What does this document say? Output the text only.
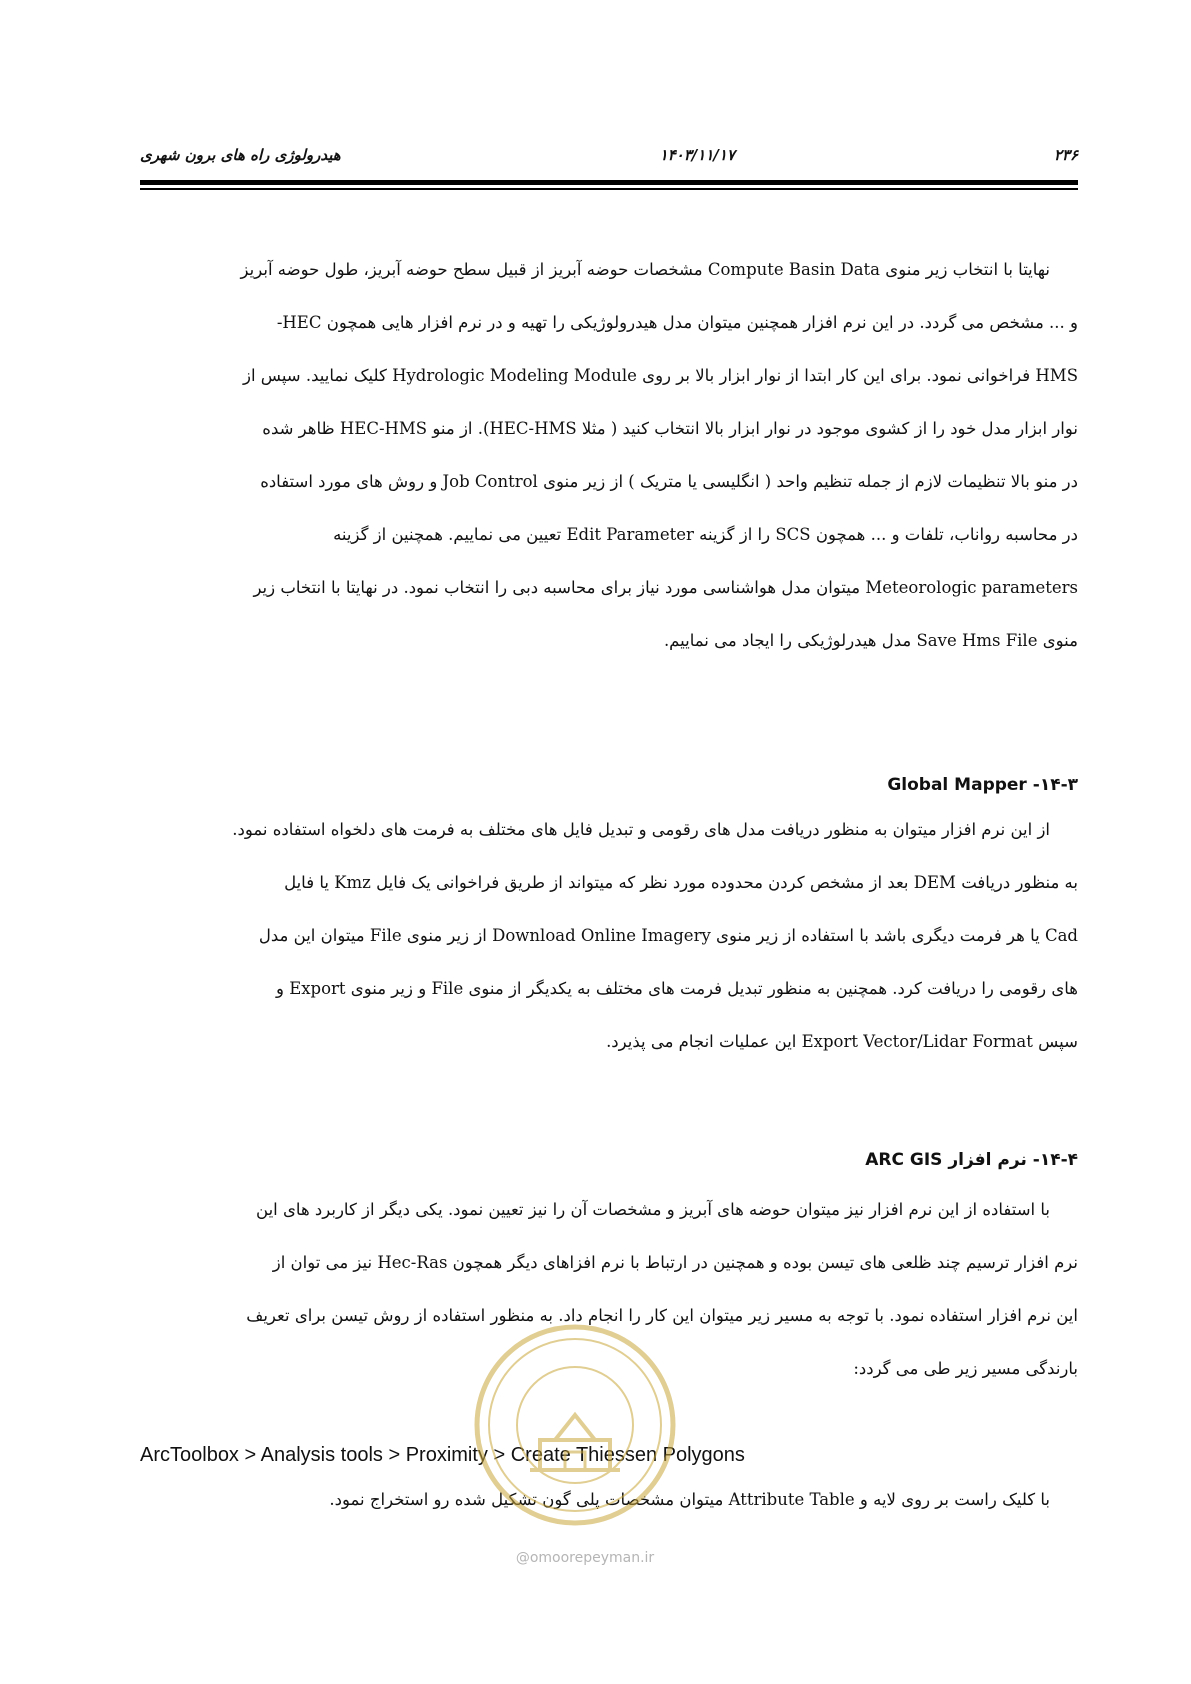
۲۳۶
۱۴۰۳/۱۱/۱۷
هیدرولوژی راه های برون شهری

نهایتا با انتخاب زیر منوی Compute Basin Data مشخصات حوضه آبریز از قبیل سطح حوضه آبریز، طول حوضه آبریز

و ... مشخص می گردد. در این نرم افزار همچنین میتوان مدل هیدرولوژیکی را تهیه و در نرم افزار هایی همچون HEC-

HMS فراخوانی نمود. برای این کار ابتدا از نوار ابزار بالا بر روی Hydrologic Modeling Module کلیک نمایید. سپس از

نوار ابزار مدل خود را از کشوی موجود در نوار ابزار بالا انتخاب کنید ( مثلا HEC-HMS). از منو HEC-HMS ظاهر شده

در منو بالا تنظیمات لازم از جمله تنظیم واحد ( انگلیسی یا متریک ) از زیر منوی Job Control و روش های مورد استفاده

در محاسبه رواناب، تلفات و ... همچون SCS را از گزینه Edit Parameter تعیین می نماییم. همچنین از گزینه

Meteorologic parameters میتوان مدل هواشناسی مورد نیاز برای محاسبه دبی را انتخاب نمود. در نهایتا با انتخاب زیر

منوی Save Hms File مدل هیدرلوژیکی را ایجاد می نماییم.

۱۴-۳- Global Mapper

از این نرم افزار میتوان به منظور دریافت مدل های رقومی و تبدیل فایل های مختلف به فرمت های دلخواه استفاده نمود.

به منظور دریافت DEM بعد از مشخص کردن محدوده مورد نظر که میتواند از طریق فراخوانی یک فایل Kmz یا فایل

Cad یا هر فرمت دیگری باشد با استفاده از زیر منوی Download Online Imagery از زیر منوی File میتوان این مدل

های رقومی را دریافت کرد. همچنین به منظور تبدیل فرمت های مختلف به یکدیگر از منوی File و زیر منوی Export و

سپس Export Vector/Lidar Format این عملیات انجام می پذیرد.

۱۴-۴- نرم افزار ARC GIS

با استفاده از این نرم افزار نیز میتوان حوضه های آبریز و مشخصات آن را نیز تعیین نمود. یکی دیگر از کاربرد های این

نرم افزار ترسیم چند ظلعی های تیسن بوده و همچنین در ارتباط با نرم افزاهای دیگر همچون Hec-Ras نیز می توان از

این نرم افزار استفاده نمود. با توجه به مسیر زیر میتوان این کار را انجام داد. به منظور استفاده از روش تیسن برای تعریف

بارندگی مسیر زیر طی می گردد:

ArcToolbox > Analysis tools > Proximity > Create Thiessen Polygons

با کلیک راست بر روی لایه و Attribute Table میتوان مشخصات پلی گون تشکیل شده رو استخراج نمود.

@omoorepeyman.ir
